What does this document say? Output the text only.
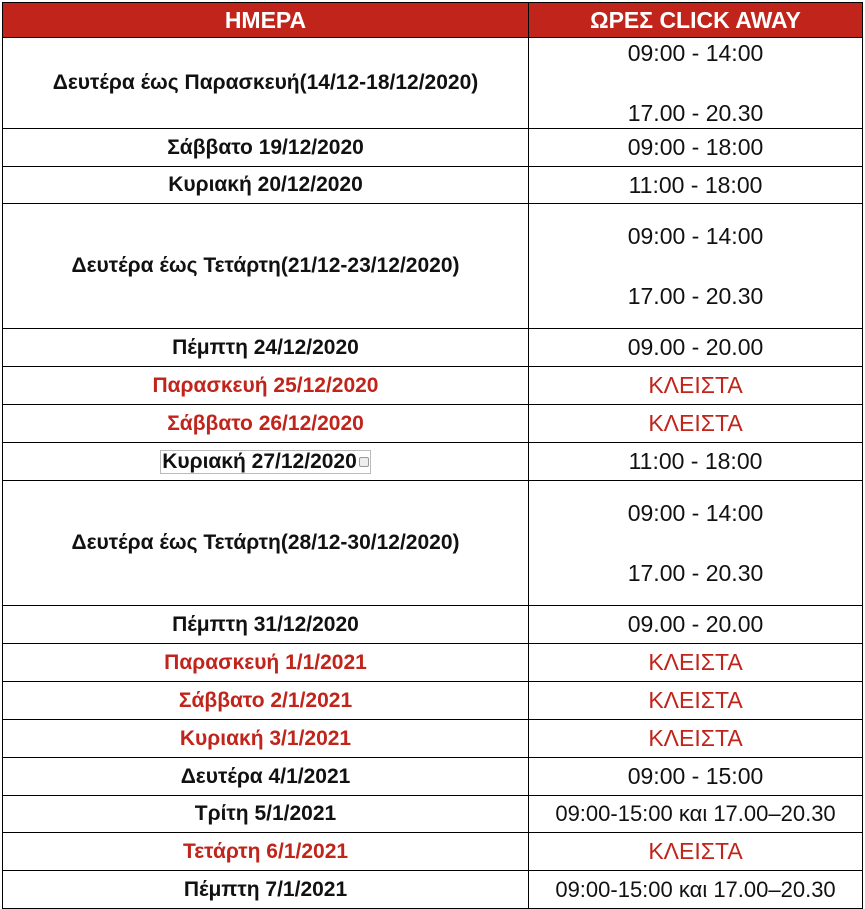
ΗΜΕΡΑ	ΩΡΕΣ CLICK AWAY
Δευτέρα έως Παρασκευή(14/12-18/12/2020)	09:00 - 14:00
17.00 - 20.30

Σάββατο 19/12/2020	09:00 - 18:00
Κυριακή 20/12/2020	11:00 - 18:00
Δευτέρα έως Τετάρτη(21/12-23/12/2020)	09:00 - 14:00
17.00 - 20.30

Πέμπτη 24/12/2020	09.00 - 20.00
Παρασκευή 25/12/2020	ΚΛΕΙΣΤΑ
Σάββατο 26/12/2020	ΚΛΕΙΣΤΑ
Κυριακή 27/12/2020	11:00 - 18:00
Δευτέρα έως Τετάρτη(28/12-30/12/2020)	09:00 - 14:00
17.00 - 20.30

Πέμπτη 31/12/2020	09.00 - 20.00
Παρασκευή 1/1/2021	ΚΛΕΙΣΤΑ
Σάββατο 2/1/2021	ΚΛΕΙΣΤΑ
Κυριακή 3/1/2021	ΚΛΕΙΣΤΑ
Δευτέρα 4/1/2021	09:00 - 15:00
Τρίτη 5/1/2021	09:00-15:00 και 17.00–20.30
Τετάρτη 6/1/2021	ΚΛΕΙΣΤΑ
Πέμπτη 7/1/2021	09:00-15:00 και 17.00–20.30
